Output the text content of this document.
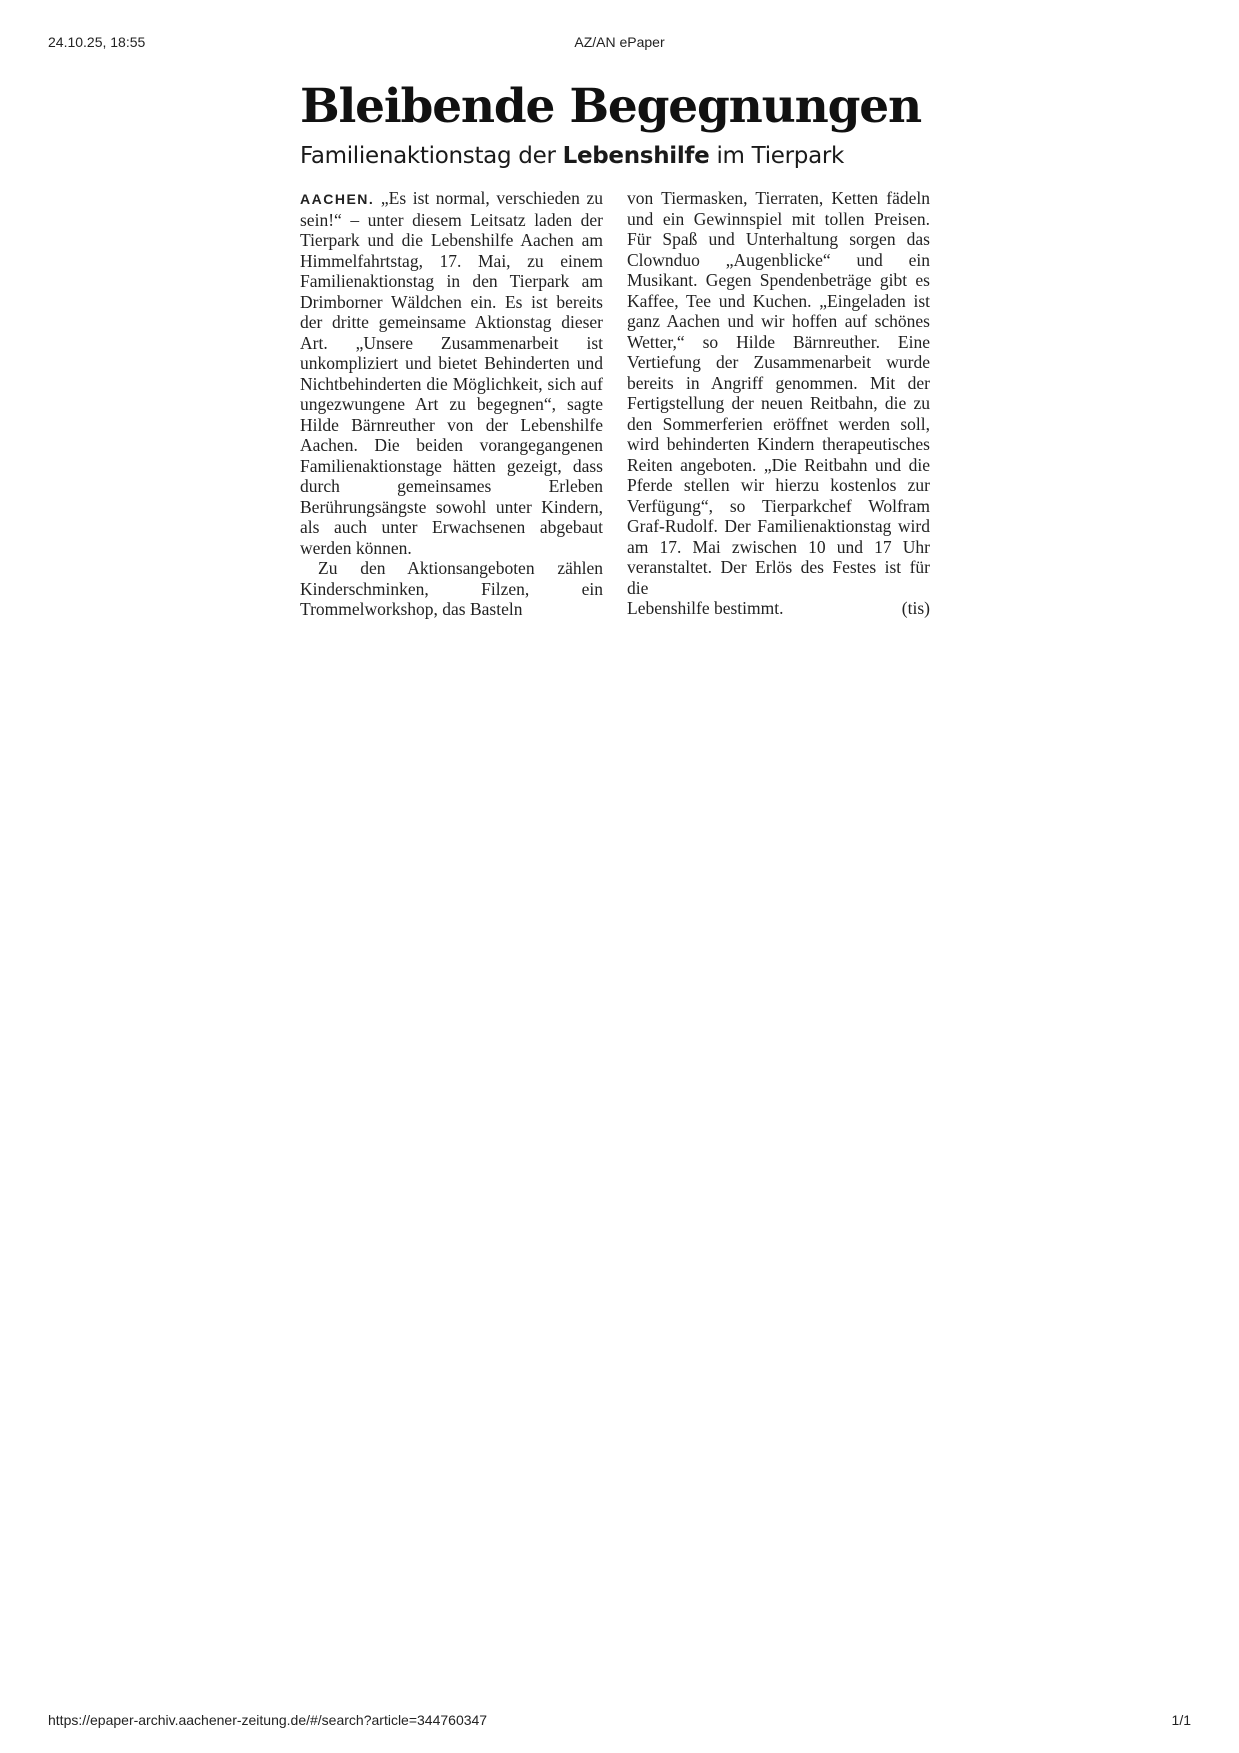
24.10.25, 18:55	AZ/AN ePaper
Bleibende Begegnungen
Familienaktionstag der Lebenshilfe im Tierpark

AACHEN. „Es ist normal, verschieden zu sein!“ – unter diesem Leitsatz laden der Tierpark und die Lebenshilfe Aachen am Himmelfahrtstag, 17. Mai, zu einem Familienaktionstag in den Tierpark am Drimborner Wäldchen ein. Es ist bereits der dritte gemeinsame Aktionstag dieser Art. „Unsere Zusammenarbeit ist unkompliziert und bietet Behinderten und Nichtbehinderten die Möglichkeit, sich auf ungezwungene Art zu begegnen“, sagte Hilde Bärnreuther von der Lebenshilfe Aachen. Die beiden vorangegangenen Familienaktionstage hätten gezeigt, dass durch gemeinsames Erleben Berührungsängste sowohl unter Kindern, als auch unter Erwachsenen abgebaut werden können.

Zu den Aktionsangeboten zählen Kinderschminken, Filzen, ein Trommelworkshop, das Basteln

von Tiermasken, Tierraten, Ketten fädeln und ein Gewinnspiel mit tollen Preisen. Für Spaß und Unterhaltung sorgen das Clownduo „Augenblicke“ und ein Musikant. Gegen Spendenbeträge gibt es Kaffee, Tee und Kuchen. „Eingeladen ist ganz Aachen und wir hoffen auf schönes Wetter,“ so Hilde Bärnreuther. Eine Vertiefung der Zusammenarbeit wurde bereits in Angriff genommen. Mit der Fertigstellung der neuen Reitbahn, die zu den Sommerferien eröffnet werden soll, wird behinderten Kindern therapeutisches Reiten angeboten. „Die Reitbahn und die Pferde stellen wir hierzu kostenlos zur Verfügung“, so Tierparkchef Wolfram Graf-Rudolf. Der Familienaktionstag wird am 17. Mai zwischen 10 und 17 Uhr veranstaltet. Der Erlös des Festes ist für die

Lebenshilfe bestimmt.	(tis)
https://epaper-archiv.aachener-zeitung.de/#/search?article=344760347	1/1
